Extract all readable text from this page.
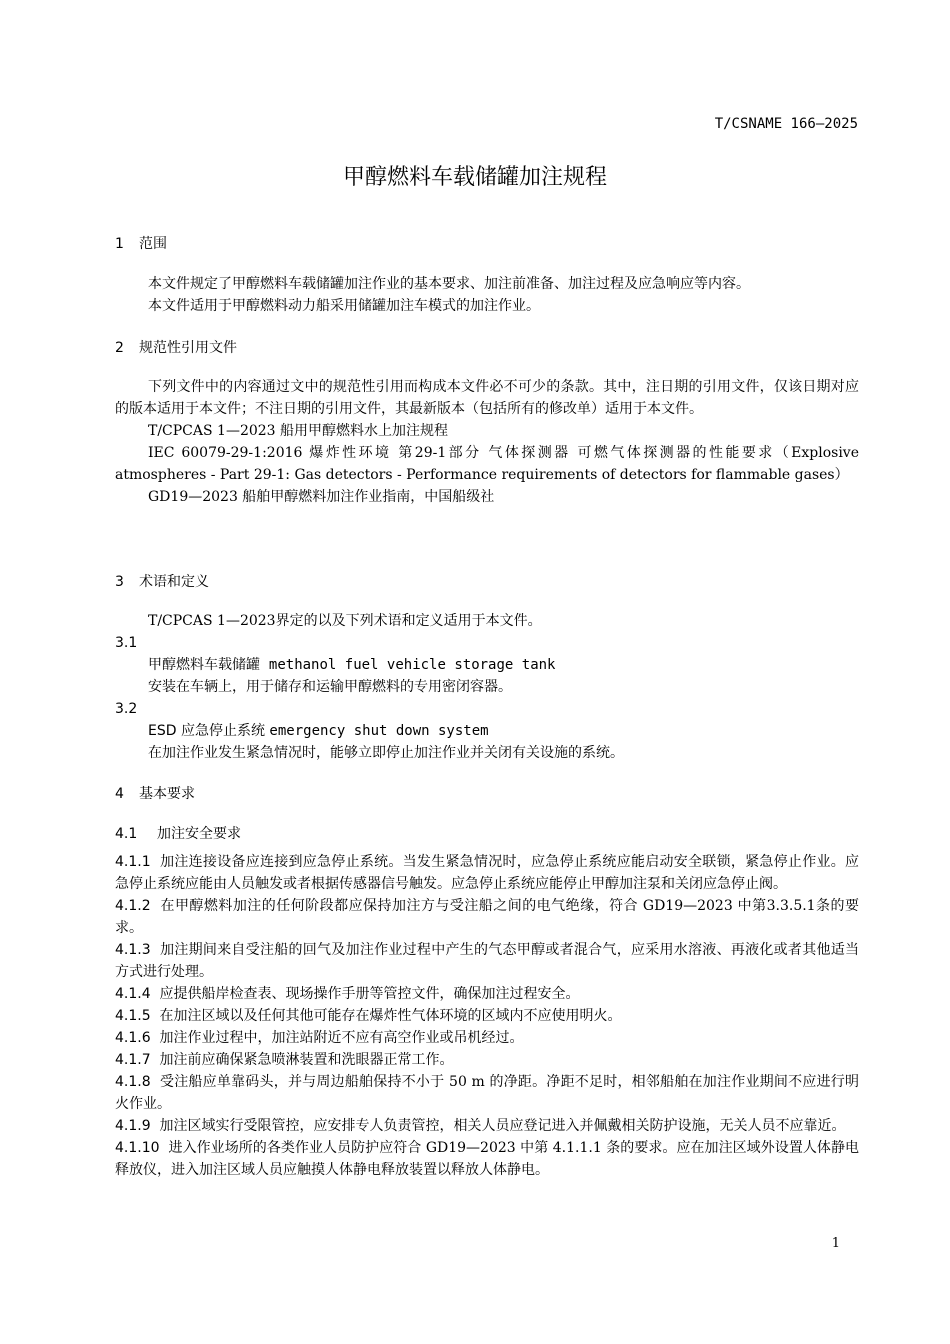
T/CSNAME 166—2025
甲醇燃料车载储罐加注规程
1 范围
本文件规定了甲醇燃料车载储罐加注作业的基本要求、加注前准备、加注过程及应急响应等内容。
本文件适用于甲醇燃料动力船采用储罐加注车模式的加注作业。
2 规范性引用文件
下列文件中的内容通过文中的规范性引用而构成本文件必不可少的条款。其中，注日期的引用文件，仅该日期对应的版本适用于本文件；不注日期的引用文件，其最新版本（包括所有的修改单）适用于本文件。
T/CPCAS 1—2023 船用甲醇燃料水上加注规程
IEC 60079-29-1:2016 爆炸性环境 第29-1部分 气体探测器 可燃气体探测器的性能要求（Explosive atmospheres - Part 29-1: Gas detectors - Performance requirements of detectors for flammable gases）
GD19—2023 船舶甲醇燃料加注作业指南，中国船级社
3 术语和定义
T/CPCAS 1—2023界定的以及下列术语和定义适用于本文件。
3.1
甲醇燃料车载储罐 methanol fuel vehicle storage tank
安装在车辆上，用于储存和运输甲醇燃料的专用密闭容器。
3.2
ESD 应急停止系统 emergency shut down system
在加注作业发生紧急情况时，能够立即停止加注作业并关闭有关设施的系统。
4 基本要求
4.1 加注安全要求
4.1.1 加注连接设备应连接到应急停止系统。当发生紧急情况时，应急停止系统应能启动安全联锁，紧急停止作业。应急停止系统应能由人员触发或者根据传感器信号触发。应急停止系统应能停止甲醇加注泵和关闭应急停止阀。
4.1.2 在甲醇燃料加注的任何阶段都应保持加注方与受注船之间的电气绝缘，符合 GD19—2023 中第3.3.5.1条的要求。
4.1.3 加注期间来自受注船的回气及加注作业过程中产生的气态甲醇或者混合气，应采用水溶液、再液化或者其他适当方式进行处理。
4.1.4 应提供船岸检查表、现场操作手册等管控文件，确保加注过程安全。
4.1.5 在加注区域以及任何其他可能存在爆炸性气体环境的区域内不应使用明火。
4.1.6 加注作业过程中，加注站附近不应有高空作业或吊机经过。
4.1.7 加注前应确保紧急喷淋装置和洗眼器正常工作。
4.1.8 受注船应单靠码头，并与周边船舶保持不小于 50 m 的净距。净距不足时，相邻船舶在加注作业期间不应进行明火作业。
4.1.9 加注区域实行受限管控，应安排专人负责管控，相关人员应登记进入并佩戴相关防护设施，无关人员不应靠近。
4.1.10 进入作业场所的各类作业人员防护应符合 GD19—2023 中第 4.1.1.1 条的要求。应在加注区域外设置人体静电释放仪，进入加注区域人员应触摸人体静电释放装置以释放人体静电。
1
